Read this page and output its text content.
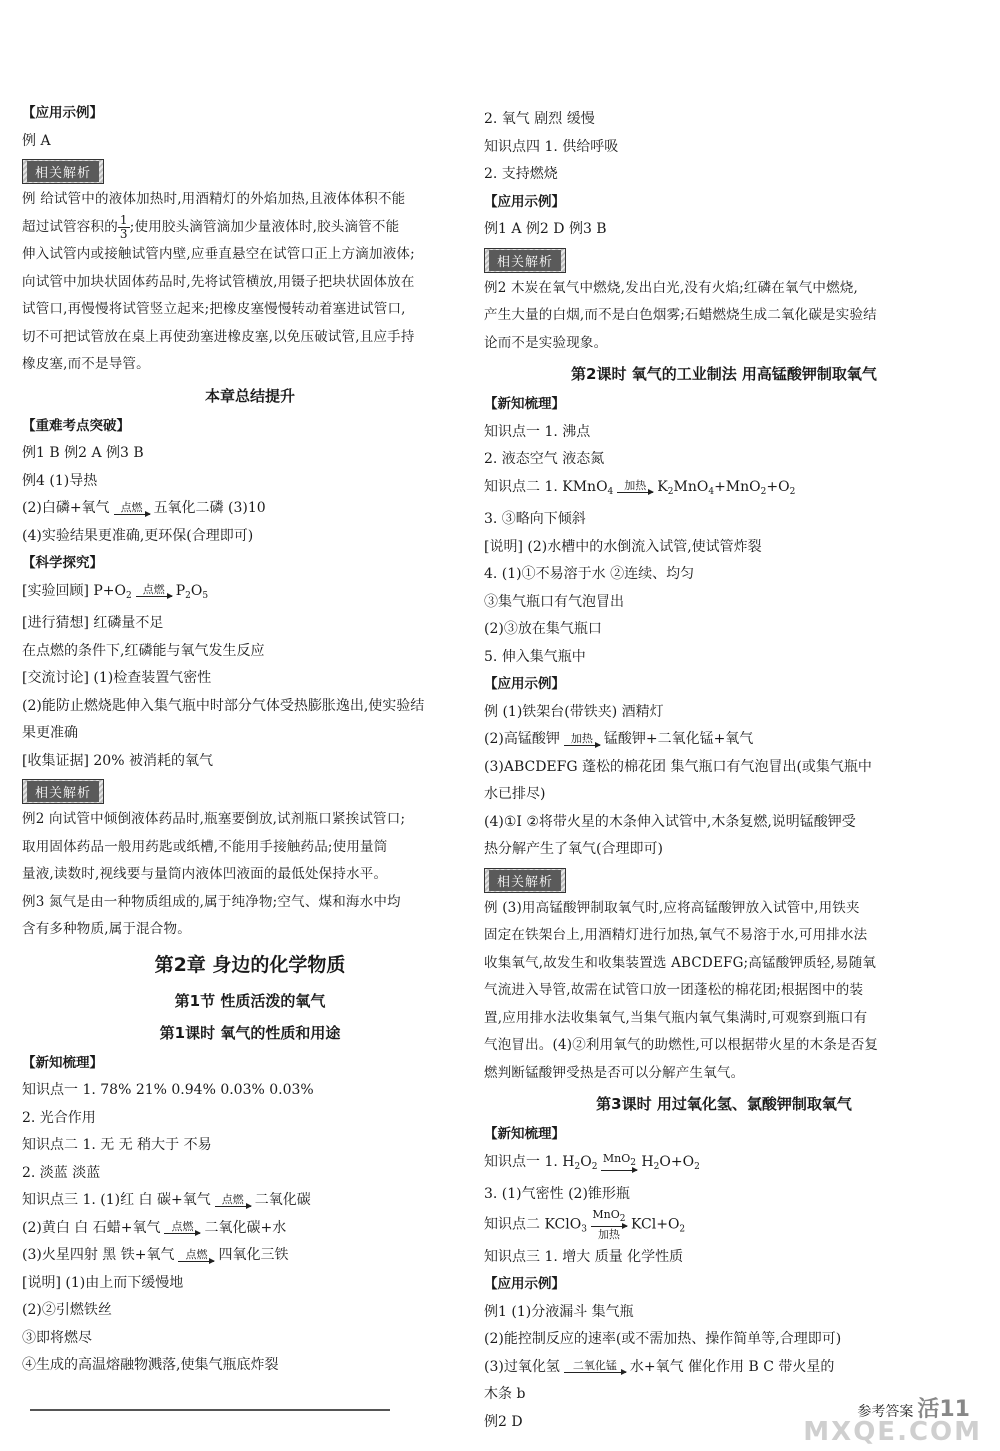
【应用示例】

例 A

相关解析

例 给试管中的液体加热时,用酒精灯的外焰加热,且液体体积不能

超过试管容积的 $\frac{1}{3}$ ;使用胶头滴管滴加少量液体时,胶头滴管不能

伸入试管内或接触试管内壁,应垂直悬空在试管口正上方滴加液体;

向试管中加块状固体药品时,先将试管横放,用镊子把块状固体放在

试管口,再慢慢将试管竖立起来;把橡皮塞慢慢转动着塞进试管口,

切不可把试管放在桌上再使劲塞进橡皮塞,以免压破试管,且应手持

橡皮塞,而不是导管。

本章总结提升

【重难考点突破】

例1 B 例2 A 例3 B

例4 (1)导热

(2)白磷+氧气	点燃 五氧化二磷 (3)10

(4)实验结果更准确,更环保(合理即可)

【科学探究】

[实验回顾] $P+O_2$	点燃 $P_2O_5$

[进行猜想] 红磷量不足

在点燃的条件下,红磷能与氧气发生反应

[交流讨论] (1)检查装置气密性

(2)能防止燃烧匙伸入集气瓶中时部分气体受热膨胀逸出,使实验结

果更准确

[收集证据] 20% 被消耗的氧气

相关解析

例2 向试管中倾倒液体药品时,瓶塞要倒放,试剂瓶口紧挨试管口;

取用固体药品一般用药匙或纸槽,不能用手接触药品;使用量筒

量液,读数时,视线要与量筒内液体凹液面的最低处保持水平。

例3 氮气是由一种物质组成的,属于纯净物;空气、煤和海水中均

含有多种物质,属于混合物。

第2章 身边的化学物质
第1节 性质活泼的氧气
第1课时 氧气的性质和用途

【新知梳理】

知识点一 1. 78% 21% 0.94% 0.03% 0.03%

2. 光合作用

知识点二 1. 无 无 稍大于 不易

2. 淡蓝 淡蓝

知识点三 1. (1)红 白 碳+氧气	点燃 二氧化碳

(2)黄白 白 石蜡+氧气	点燃 二氧化碳+水

(3)火星四射 黑 铁+氧气	点燃 四氧化三铁

[说明] (1)由上而下缓慢地

(2)②引燃铁丝

③即将燃尽

④生成的高温熔融物溅落,使集气瓶底炸裂

2. 氧气 剧烈 缓慢

知识点四 1. 供给呼吸

2. 支持燃烧

【应用示例】

例1 A 例2 D 例3 B

相关解析

例2 木炭在氧气中燃烧,发出白光,没有火焰;红磷在氧气中燃烧,

产生大量的白烟,而不是白色烟雾;石蜡燃烧生成二氧化碳是实验结

论而不是实验现象。

第2课时 氧气的工业制法 用高锰酸钾制取氧气

【新知梳理】

知识点一 1. 沸点

2. 液态空气 液态氮

知识点二 1. KMnO$_4$	加热 $K_2MnO_4+MnO_2+O_2$

3. ③略向下倾斜

[说明] (2)水槽中的水倒流入试管,使试管炸裂

4. (1)①不易溶于水 ②连续、均匀

③集气瓶口有气泡冒出

(2)③放在集气瓶口

5. 伸入集气瓶中

【应用示例】

例 (1)铁架台(带铁夹) 酒精灯

(2)高锰酸钾	加热 锰酸钾+二氧化锰+氧气

(3)ABCDEFG 蓬松的棉花团 集气瓶口有气泡冒出(或集气瓶中

水已排尽)

(4)①Ⅰ ②将带火星的木条伸入试管中,木条复燃,说明锰酸钾受

热分解产生了氧气(合理即可)

相关解析

例 (3)用高锰酸钾制取氧气时,应将高锰酸钾放入试管中,用铁夹

固定在铁架台上,用酒精灯进行加热,氧气不易溶于水,可用排水法

收集氧气,故发生和收集装置选 ABCDEFG;高锰酸钾质轻,易随氧

气流进入导管,故需在试管口放一团蓬松的棉花团;根据图中的装

置,应用排水法收集氧气,当集气瓶内氧气集满时,可观察到瓶口有

气泡冒出。(4)②利用氧气的助燃性,可以根据带火星的木条是否复

燃判断锰酸钾受热是否可以分解产生氧气。

第3课时 用过氧化氢、氯酸钾制取氧气

【新知梳理】

知识点一 1. $H_2O_2$
MnO$_2$ $H_2O+O_2$

3. (1)气密性 (2)锥形瓶

知识点二 KClO$_3$
MnO$_2$
加热
$KCl+O_2$

知识点三 1. 增大 质量 化学性质

【应用示例】

例1 (1)分液漏斗 集气瓶

(2)能控制反应的速率(或不需加热、操作简单等,合理即可)

(3)过氧化氢	二氧化锰 水+氧气 催化作用 B C 带火星的

木条 b

例2 D

参考答案 活11
MXQE.COM
